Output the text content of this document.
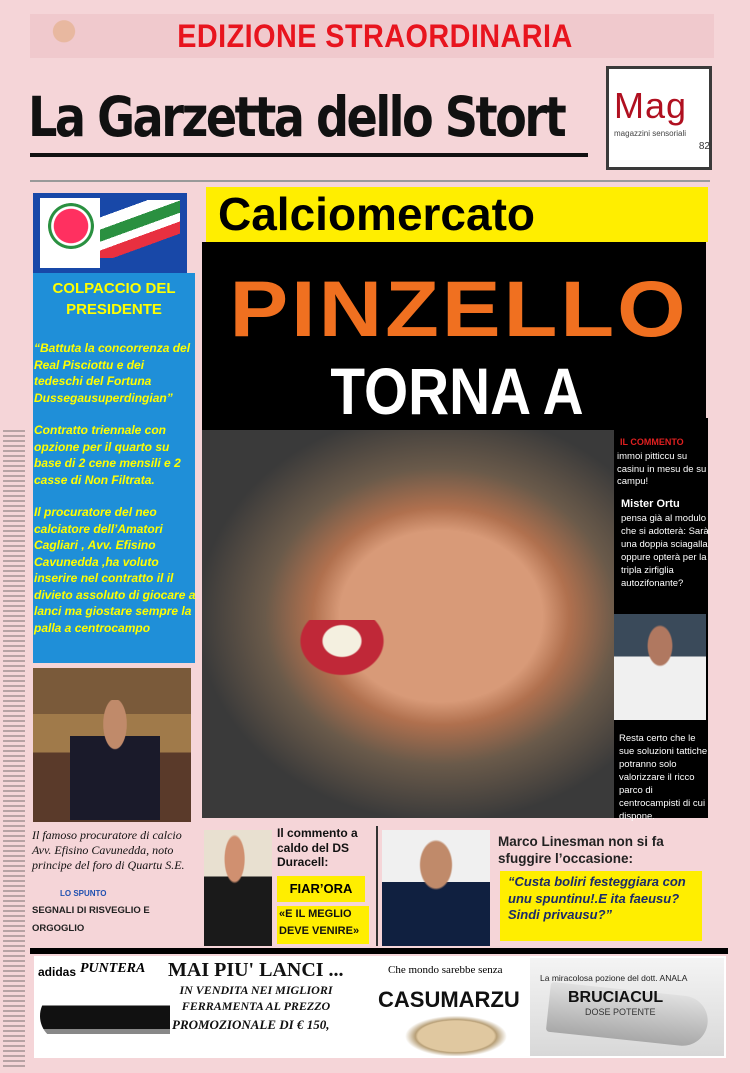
EDIZIONE STRAORDINARIA
La Garzetta dello Stort Mag
magazzini sensoriali
82
COLPACCIO DEL PRESIDENTE

“Battuta la concorrenza del Real Pisciottu e dei tedeschi del Fortuna Dussegausuperdingian”

Contratto triennale con opzione per il quarto su base di 2 cene mensili e 2 casse di Non Filtrata.

Il procuratore del neo calciatore dell’Amatori Cagliari , Avv. Efisino Cavunedda ,ha voluto inserire nel contratto il il divieto assoluto di giocare a lanci ma giostare sempre la palla a centrocampo

Il famoso procuratore di calcio Avv. Efisino Cavunedda, noto principe del foro di Quartu S.E.
LO SPUNTO
SEGNALI DI RISVEGLIO E ORGOGLIO
Calciomercato
PINZELLO
TORNA A
IL COMMENTO
immoi pitticcu su casinu in mesu de su campu!
Mister Ortu
pensa già al modulo che si adotterà: Sarà una doppia sciagalla oppure opterà per la tripla zirfiglia autozifonante?
Resta certo che le sue soluzioni tattiche potranno solo valorizzare il ricco parco di centrocampisti di cui dispone.
Il commento a caldo del DS Duracell:
FIAR’ORA
«E IL MEGLIO DEVE VENIRE»
Marco Linesman non si fa sfuggire l’occasione:
“Custa boliri festeggiara con unu spuntinu!.E ita faeusu? Sindi privausu?”
adidas PUNTERA	MAI PIU' LANCI ...
IN VENDITA NEI MIGLIORI FERRAMENTA AL PREZZO
PROMOZIONALE DI € 150,
Che mondo sarebbe senza
CASUMARZU
La miracolosa pozione del dott. ANALA
BRUCIACUL
DOSE POTENTE
